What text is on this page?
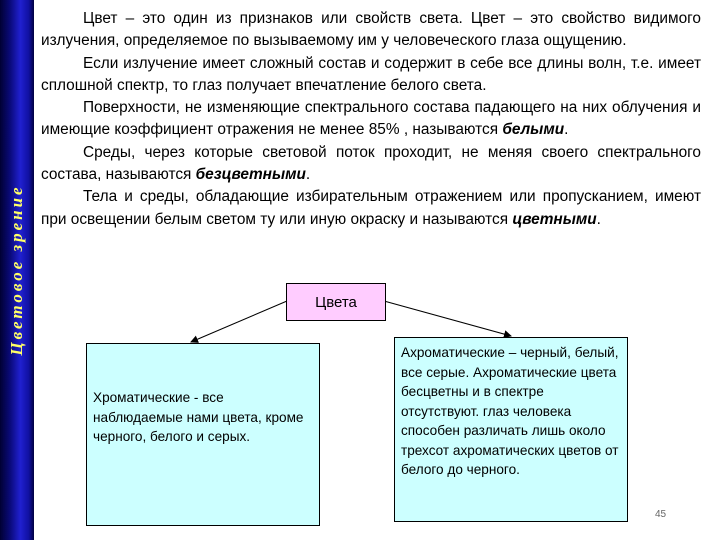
Цветовое зрение

Цвет – это один из признаков или свойств света. Цвет – это свойство видимого излучения, определяемое по вызываемому им у человеческого глаза ощущению.

Если излучение имеет сложный состав и содержит в себе все длины волн, т.е. имеет сплошной спектр, то глаз получает впечатление белого света.

Поверхности, не изменяющие спектрального состава падающего на них облучения и имеющие коэффициент отражения не менее 85% , называются белыми.

Среды, через которые световой поток проходит, не меняя своего спектрального состава, называются безцветными.

Тела и среды, обладающие избирательным отражением или пропусканием, имеют при освещении белым светом ту или иную окраску и называются цветными.

Цвета
Хроматические - все наблюдаемые нами цвета, кроме черного, белого и серых.
Ахроматические – черный, белый, все серые. Ахроматические цвета бесцветны и в спектре отсутствуют. глаз человека способен различать лишь около трехсот ахроматических цветов от белого до черного.
45
